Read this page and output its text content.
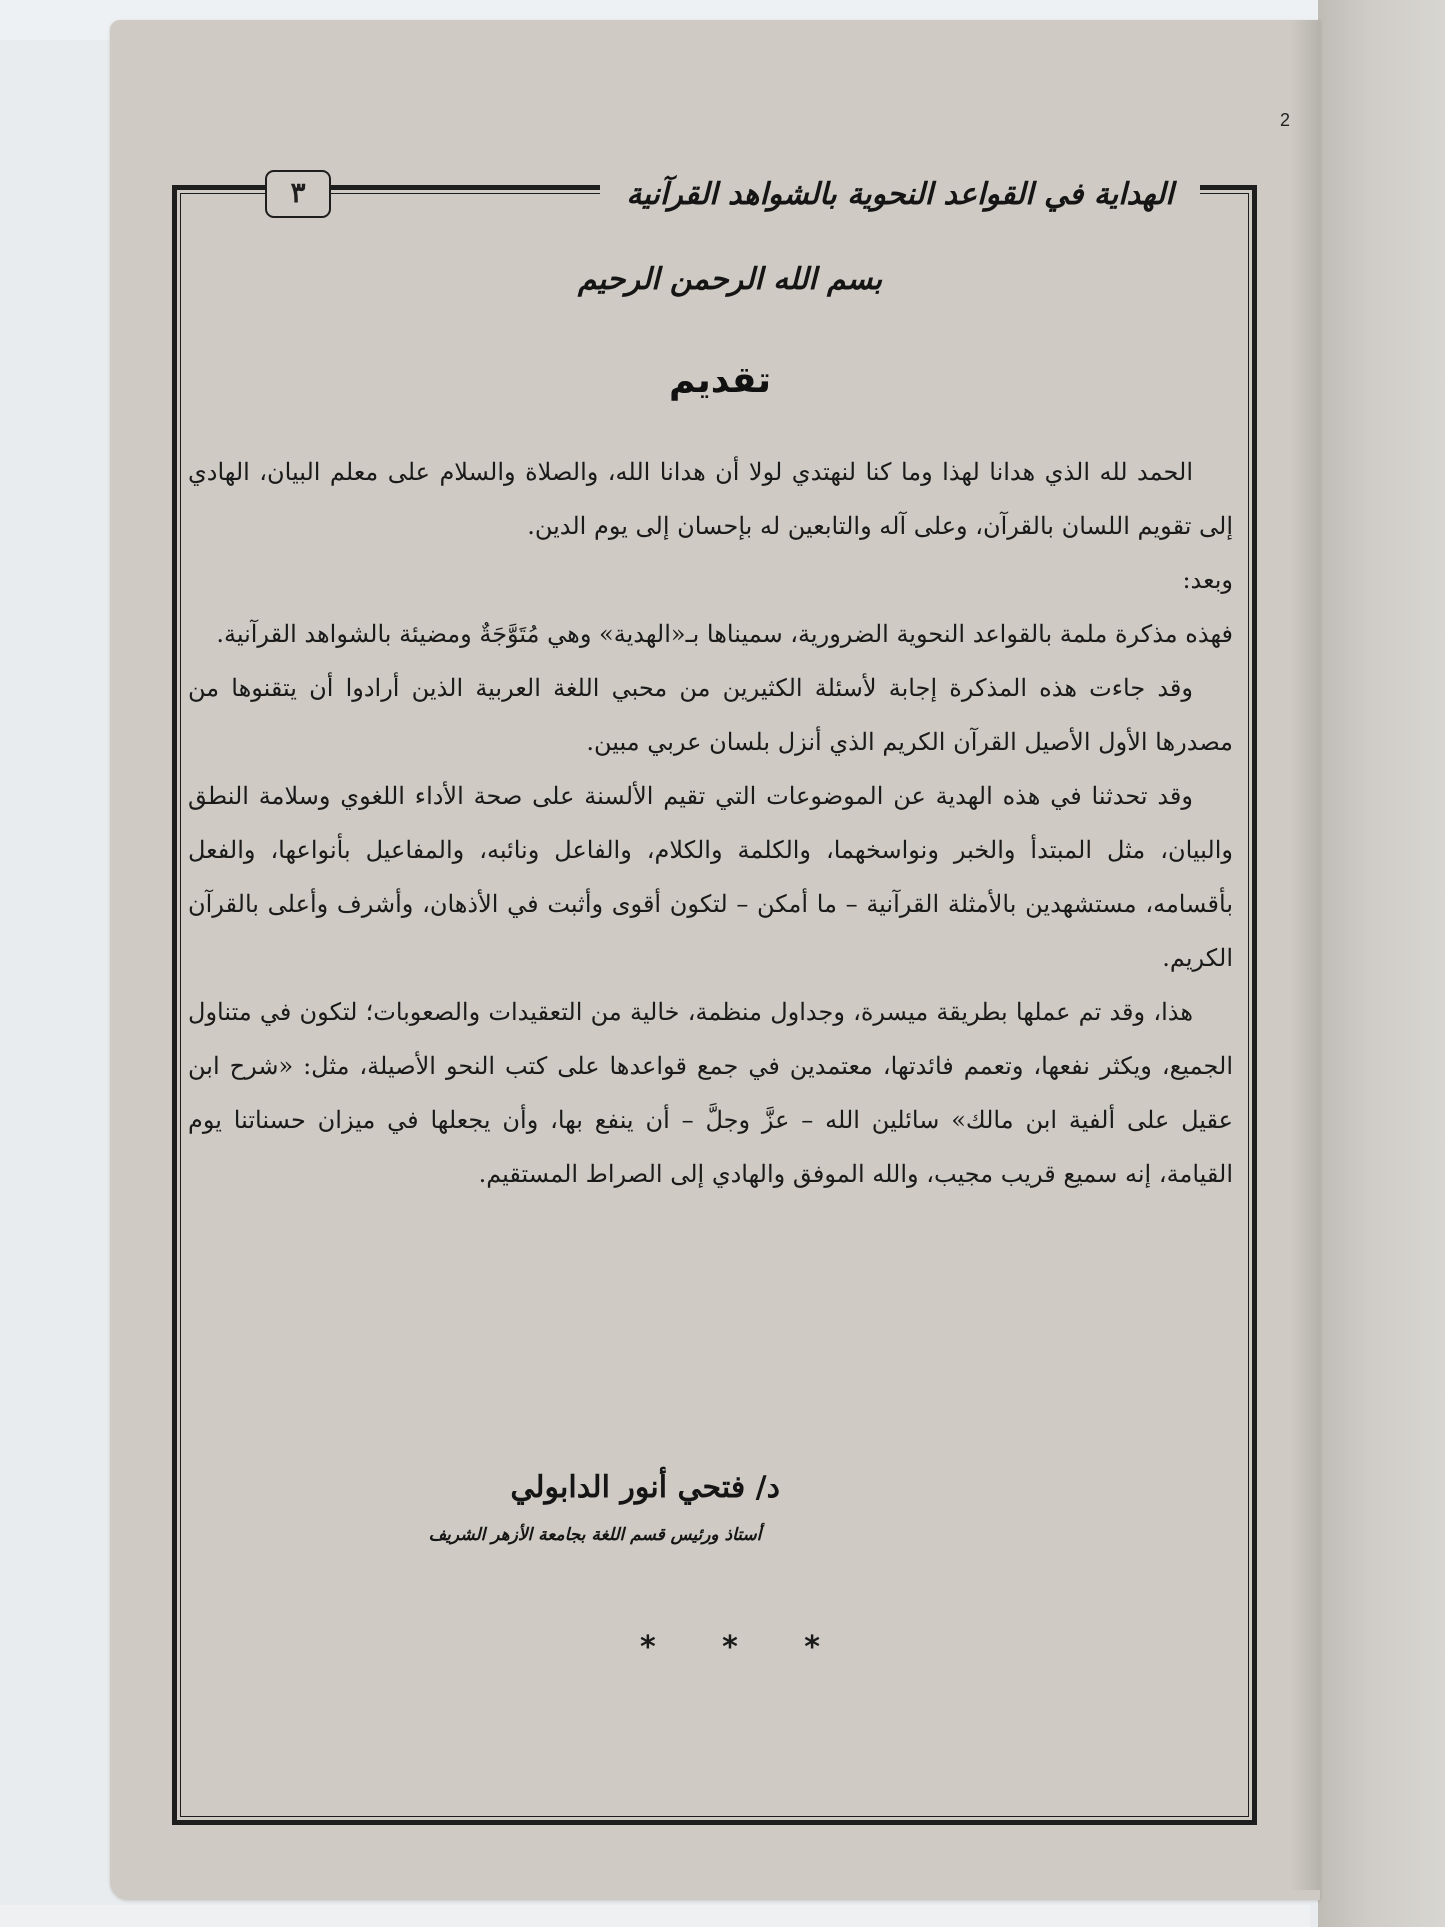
2
الهداية في القواعد النحوية بالشواهد القرآنية
٣
بسم الله الرحمن الرحيم
تقديم

الحمد لله الذي هدانا لهذا وما كنا لنهتدي لولا أن هدانا الله، والصلاة والسلام على معلم البيان، الهادي إلى تقويم اللسان بالقرآن، وعلى آله والتابعين له بإحسان إلى يوم الدين.

وبعد:

فهذه مذكرة ملمة بالقواعد النحوية الضرورية، سميناها بـ«الهدية» وهي مُتَوَّجَةٌ ومضيئة بالشواهد القرآنية.

وقد جاءت هذه المذكرة إجابة لأسئلة الكثيرين من محبي اللغة العربية الذين أرادوا أن يتقنوها من مصدرها الأول الأصيل القرآن الكريم الذي أنزل بلسان عربي مبين.

وقد تحدثنا في هذه الهدية عن الموضوعات التي تقيم الألسنة على صحة الأداء اللغوي وسلامة النطق والبيان، مثل المبتدأ والخبر ونواسخهما، والكلمة والكلام، والفاعل ونائبه، والمفاعيل بأنواعها، والفعل بأقسامه، مستشهدين بالأمثلة القرآنية – ما أمكن – لتكون أقوى وأثبت في الأذهان، وأشرف وأعلى بالقرآن الكريم.

هذا، وقد تم عملها بطريقة ميسرة، وجداول منظمة، خالية من التعقيدات والصعوبات؛ لتكون في متناول الجميع، ويكثر نفعها، وتعمم فائدتها، معتمدين في جمع قواعدها على كتب النحو الأصيلة، مثل: «شرح ابن عقيل على ألفية ابن مالك» سائلين الله – عزَّ وجلَّ – أن ينفع بها، وأن يجعلها في ميزان حسناتنا يوم القيامة، إنه سميع قريب مجيب، والله الموفق والهادي إلى الصراط المستقيم.

د/ فتحي أنور الدابولي
أستاذ ورئيس قسم اللغة بجامعة الأزهر الشريف
* * *
